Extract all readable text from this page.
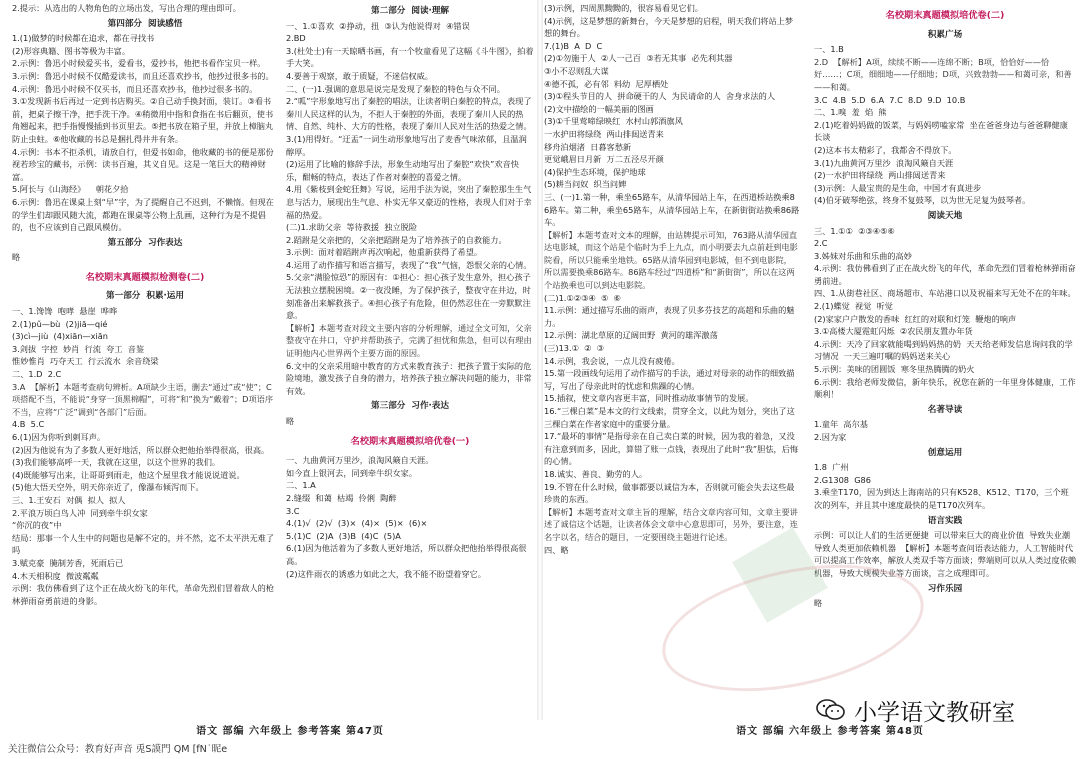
2.提示：从选出的人物角色的立场出发，写出合理的理由即可。

第四部分  阅读感悟

1.(1)做梦的时候都在追求，都在寻找书

(2)形容典籍、图书等极为丰富。

2.示例：鲁迅小时候爱买书，爱看书，爱抄书，他把书看作宝贝一样。

3.示例：鲁迅小时候不仅酷爱读书，而且还喜欢抄书，他抄过很多书的。

4.示例：鲁迅小时候不仅买书，而且还喜欢抄书，他抄过很多书的。

3.①发现新书后再过一定到书店购买。②自己动手换封面，装订。③看书前，把桌子擦干净，把手洗干净。④稍微用中指和食指在书后翻页，使书角翘起来，把手指慢慢插到书页里去。⑤把书放在箱子里，并放上樟脑丸防止虫蛀。⑥他收藏的书总是捆扎得井井有条。

4.示例：书本不拒杀机，请放自行，但爱书如命，他收藏的书的便是那份视若珍宝的藏书，示例：读书百遍，其义自见。这是一笔巨大的精神财富。

5.阿长与《山海经》    朝花夕拾

6.示例：鲁迅在课桌上刻“早”字，为了提醒自己不迟到，不懒惰。但现在的学生们却跟风随大流，都跑在课桌等公物上乱画，这种行为是不提倡的，也不应该到自己跟风模仿。

第五部分  习作表达

略

名校期末真题模拟检测卷(二)

第一部分  积累·运用

一、1.馋馋  咆哮  悬崖  哗哗

2.(1)pǔ—bù  (2)jiā—qié

(3)cì—jiù  (4)xiān—xiān

3.剑拔  字控  妙肖  行流  夸工  音鉴

惟妙惟肖  巧夺天工  行云流水  余音绕梁

二、1.D  2.C

3.A  【解析】本题考查病句辨析。A项缺少主语，删去“通过”或“使”；C项搭配不当，不能说“身穿一顶黑棉帽”，可将“和”换为“戴着”；D项语序不当，应将“广泛”调到“各部门”后面。

4.B  5.C

6.(1)因为你听到刺耳声。

(2)因为他说有为了多数人更好地活，所以群众把他抬举得很高，很高。

(3)我们能够高呼一天，我就在这里，以这个世界的我们。

(4)既能够写出来，让哥哥到雨走，他这个屋里我才能说说道说。

(5)他大悟天空外，明天你亲近了，像瀑布倾泻而下。

三、1.王安石  对偶  拟人  拟人

2.平浪万顷白鸟人冲  同到牵牛织女家

“你沉的夜”中

结局：那事一个人生中的问题也是解不定的，并不然，迄不太平洪无难了吗

3.赋克豪  腌制芳香，死雨后已

4.木天相积度  微波粼粼

示例：我仿佛看到了这个正在战火纷飞的年代，革命先烈们冒着敌人的枪林弹雨奋勇前进的身影。

第二部分  阅读·理解

一、1.①喜欢  ②挣动，扭  ③认为他说得对  ④错误

2.BD

3.(杜处士)有一天晾晒书画，有一个牧童看见了这幅《斗牛图》，拍着手大笑。

4.要善于观察，敢于质疑，不迷信权威。

二、(一)1.强调的意思是说完是发现了秦腔的特色与众不同。

2.“呱”字形象地写出了秦腔的唱法，让读者明白秦腔的特点，表现了秦川人民这样的认为，不拒人于秦腔的外面，表现了秦川人民的热情、自然、纯朴、大方的性格，表现了秦川人民对生活的热爱之情。

3.(1)用得好。“迂盂”一词生动形象地写出了麦香气味浓郁，且温润醇厚。

(2)运用了比喻的修辞手法，形象生动地写出了秦腔“欢快”欢音快乐，酣畅的特点，表达了作者对秦腔的喜爱之情。

4.用《紫枝到金蛇狂舞》写说，运用手法为说，突出了秦腔那生生气息与活力，展现出生气息、朴实无华又豪迈的性格，表现人们对于幸福的热爱。

(二)1.求助父亲  等待救援  独立脱险

2.蹈跗是父亲把的，父亲把蹈跗是为了培养孩子的自救能力。

3.示例：面对着蹈跗声再次响起，他重新获得了希望。

4.运用了动作描写和语言描写，表现了“我”气恼，怨恨父亲的心情。

5.父亲“满脸惊恐”的原因有：①担心：担心孩子发生意外，担心孩子无法独立摆脱困境。②一夜没睡，为了保护孩子，整夜守在井边，时刻准备出来解救孩子。④担心孩子有危险，但仍然忍住在一旁默默注意。

【解析】本题考查对段文主要内容的分析理解，通过全文可知，父亲整夜守在井口，守护并帮助孩子，完满了担忧和焦急，但可以有理由证明他内心世界两个主要方面的原因。

6.文中的父亲采用暗中教育的方式来教育孩子：把孩子置于实际的危险境地，激发孩子自身的潜力，培养孩子独立解决问题的能力，非常有效。

第三部分  习作·表达

略

名校期末真题模拟培优卷(一)

一、九曲黄河万里沙，浪淘风簸自天涯。

如今直上银河去，同到牵牛织女家。

二、1.A

2.缝缀  和蔼  枯竭  伶俐  陶醉

3.C

4.(1)√  (2)√  (3)×  (4)×  (5)×  (6)×

5.(1)C  (2)A  (3)B  (4)C  (5)A

6.(1)因为他活着为了多数人更好地活，所以群众把他抬举得很高很高。

(2)这件雨衣的诱惑力如此之大，我不能不盼望着穿它。

(3)示例，四周黑黝黝的，很容易看见它们。

(4)示例，这是梦想的新舞台，今天是梦想的启程，明天我们将站上梦想的舞台。

7.(1)B  A  D  C

(2)①勿施于人  ②人一己百  ③若无其事  必先利其器

③小不忍则乱大谋

④德不孤，必有邻  料幼  尼厚栖处

(3)①程头节目的人  拼命硬干的人  为民请命的人  舍身求法的人

(2)文中描绘的一幅美丽的图画

(3)①千里莺啼绿映红  水村山郭酒旗风

一水护田将绿绕  两山排闼送青来

移舟泊烟渚  日暮客愁新

更觉峨眉日月新  万二五泾尽开颜

(4)保护生态环境，保护地球

(5)耕当问奴  织当问婢

三、(一)1.第一种，乘坐65路车，从清华园站上车，在西道桥站换乘86路车。第二种，乘坐65路车，从清华园站上车，在新街街站换乘86路车。

【解析】本题考查对文本的理解，由站牌提示可知，763路从清华园直达电影城，而这个站是个临时为手上九点，而小明要去九点前赶到电影院看，所以只能乘坐地铁。65路从清华园到电影城，但不到电影院，所以需要换乘86路车。86路车经过“四道桥”和“新街街”，所以在这两个站换乘也可以到达电影院。

(二)1.①②③④  ⑤  ⑥

11.示例：通过描写乐曲的雨声，表现了贝多芬技艺的高超和乐曲的魅力。

12.示例：湖北草原的辽阔田野  黄河的雄浑激荡

(三)13.①  ②  ③

14.示例，我会说，一点儿没有疲倦。

15.第一段画线句运用了动作描写的手法，通过对母亲的动作的细致描写，写出了母亲此时的忧虑和焦躁的心情。

15.插叙，使文章内容更丰富，同时推动故事情节的发展。

16.“三棵白菜”是本文的行文线索，贯穿全文，以此为划分，突出了这三棵白菜在作者家庭中的重要分量。

17.“最坏的事情”是指母亲在自己卖白菜的时候，因为我的着急，又没有注意到而多，因此，算错了账一点钱，表现出了此时“我”胆怯，后悔的心情。

18.诚实、善良、勤劳的人。

19.不管在什么时候，做事都要以诚信为本，否则就可能会失去这些最珍贵的东西。

【解析】本题考查对文章主旨的理解，结合文章内容可知，文章主要讲述了诚信这个话题，让读者体会文章中心意思即可，另外，要注意，连名字以名，结合的题目，一定要围绕主题进行论述。

四、略

名校期末真题模拟培优卷(二)

积累广场

一、1.B

2.D  【解析】A项，续续不断——连绵不断；B项，恰恰好——恰好……；C项，细细地——仔细地；D项，兴致勃勃——和蔼可亲，和善——和蔼。

3.C  4.B  5.D  6.A  7.C  8.D  9.D  10.B

二、1.嗅  羞  焰  熊

2.(1)吃着妈妈做的饭菜，与妈妈唠嗑家常  坐在爸爸身边与爸爸聊健康长谈

(2)这本书太精彩了，我都舍不得放下。

3.(1)九曲黄河万里沙  浪淘风簸自天涯

(2)一水护田将绿绕  两山排闼送青来

(3)示例：人最宝贵的是生命，中国才有真进步

(4)伯牙破琴绝弦，终身不复鼓琴，以为世无足复为鼓琴者。

阅读天地

三、1.①①  ②③④⑤⑥

2.C

3.姊妹对乐曲和乐曲的高妙

4.示例：我仿佛看到了正在战火纷飞的年代，革命先烈们冒着枪林弹雨奋勇前进。

四、1.从街巷社区、商场超市、车站港口以及祝福来写无处不在的年味。

2.(1)蝶觉  视觉  听觉

(2)家家户户散发的香味  红红的对联和灯笼  鞭炮的响声

3.①高楼大厦霓虹闪烁  ②农民朋友置办年货

4.示例：天冷了回家就能喝到妈妈热的奶  天天给老师发信息询问我的学习情况  一天三遍叮嘱的妈妈送来关心

5.示例：美味的团圆饭  寒冬里热腾腾的奶火

6.示例：我给老师发微信，新年快乐，祝您在新的一年里身体健康，工作顺利！

名著导读

1.童年  高尔基

2.因为家

创意运用

1.8  广州

2.G1308  G86

3.乘坐T170，因为到达上海南站的只有K528、K512、T170，三个班次的列车，并且其中速度最快的是T170次列车。

语言实践

示例：可以让人们的生活更便捷  可以带来巨大的商业价值  导致失业潮  导致人类更加依赖机器  【解析】本题考查问语表达能力，人工智能时代可以提高工作效率，解放人类双手等方面谈；弊端则可以从人类过度依赖机器，导致大规模失业等方面谈，言之成理即可。

习作乐园

略

语文 部编 六年级上 参考答案 第47页	语文 部编 六年级上 参考答案 第48页
关注微信公众号：教育好声音 兎S謨門 QM [fN˙昵e
小学语文教研室
